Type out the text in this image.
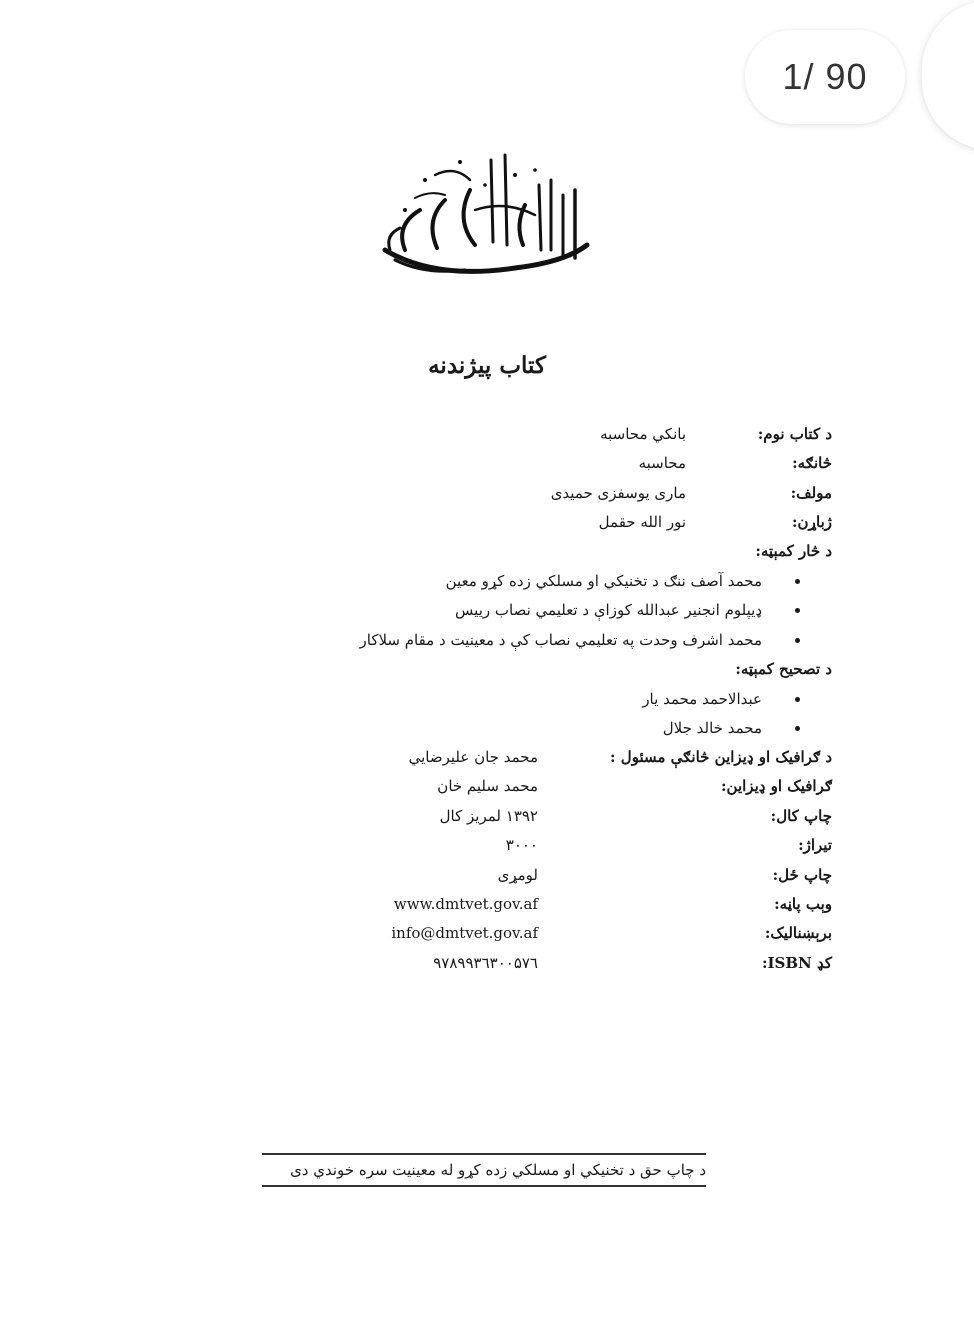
1/ 90
كتاب پيژندنه
د كتاب نوم:
بانكي محاسبه
څانګه:
محاسبه
مولف:
ماری یوسفزی حمیدی
ژباړن:
نور الله حقمل
د څار كمېټه:
محمد آصف ننګ د تخنيكي او مسلكي زده کړو معين
ډيپلوم انجنير عبدالله كوزاې د تعليمي نصاب رييس
محمد اشرف وحدت په تعليمي نصاب كې د معينيت د مقام سلاكار
د تصحيح كمېټه:
عبدالاحمد محمد يار
محمد خالد جلال
د ګرافيک او ډيزاين څانګې مسئول :
محمد جان عليرضايي
ګرافيک او ډيزاين:
محمد سليم خان
چاپ كال:
۱۳۹۲ لمريز كال
تيراژ:
۳۰۰۰
چاپ ځل:
لومړی
وېب پاڼه:
www.dmtvet.gov.af
برېښناليک:
info@dmtvet.gov.af
كډ ISBN:
۹۷۸۹۹۳٦۳۰۰۵۷٦
د چاپ حق د تخنيكي او مسلكي زده کړو له معينيت سره خوندي دی
